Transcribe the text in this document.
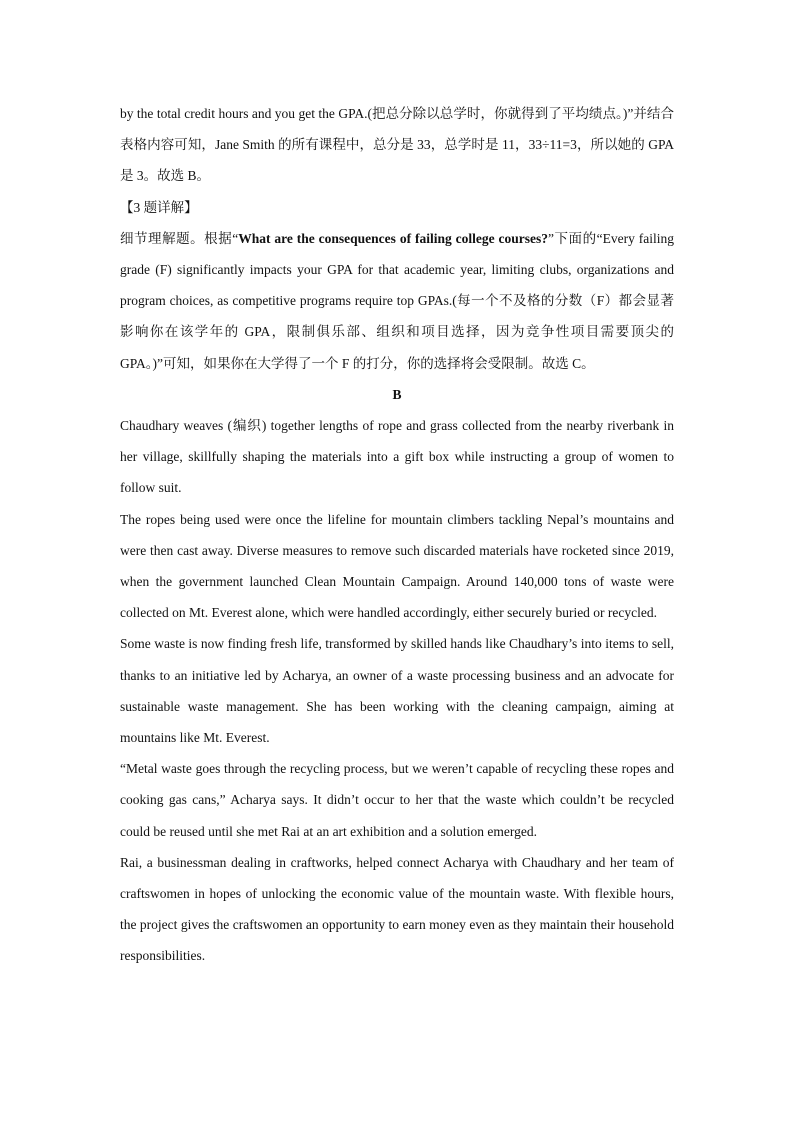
by the total credit hours and you get the GPA.(把总分除以总学时，你就得到了平均绩点。)”并结合表格内容可知，Jane Smith 的所有课程中，总分是 33，总学时是 11，33÷11=3，所以她的 GPA 是 3。故选 B。

【3 题详解】

细节理解题。根据“What are the consequences of failing college courses?”下面的“Every failing grade (F) significantly impacts your GPA for that academic year, limiting clubs, organizations and program choices, as competitive programs require top GPAs.(每一个不及格的分数（F）都会显著影响你在该学年的 GPA，限制俱乐部、组织和项目选择，因为竞争性项目需要顶尖的 GPA。)”可知，如果你在大学得了一个 F 的打分，你的选择将会受限制。故选 C。

B

Chaudhary weaves (编织) together lengths of rope and grass collected from the nearby riverbank in her village, skillfully shaping the materials into a gift box while instructing a group of women to follow suit.

The ropes being used were once the lifeline for mountain climbers tackling Nepal’s mountains and were then cast away. Diverse measures to remove such discarded materials have rocketed since 2019, when the government launched Clean Mountain Campaign. Around 140,000 tons of waste were collected on Mt. Everest alone, which were handled accordingly, either securely buried or recycled.

Some waste is now finding fresh life, transformed by skilled hands like Chaudhary’s into items to sell, thanks to an initiative led by Acharya, an owner of a waste processing business and an advocate for sustainable waste management. She has been working with the cleaning campaign, aiming at mountains like Mt. Everest.

“Metal waste goes through the recycling process, but we weren’t capable of recycling these ropes and cooking gas cans,” Acharya says. It didn’t occur to her that the waste which couldn’t be recycled could be reused until she met Rai at an art exhibition and a solution emerged.

Rai, a businessman dealing in craftworks, helped connect Acharya with Chaudhary and her team of craftswomen in hopes of unlocking the economic value of the mountain waste. With flexible hours, the project gives the craftswomen an opportunity to earn money even as they maintain their household responsibilities.
